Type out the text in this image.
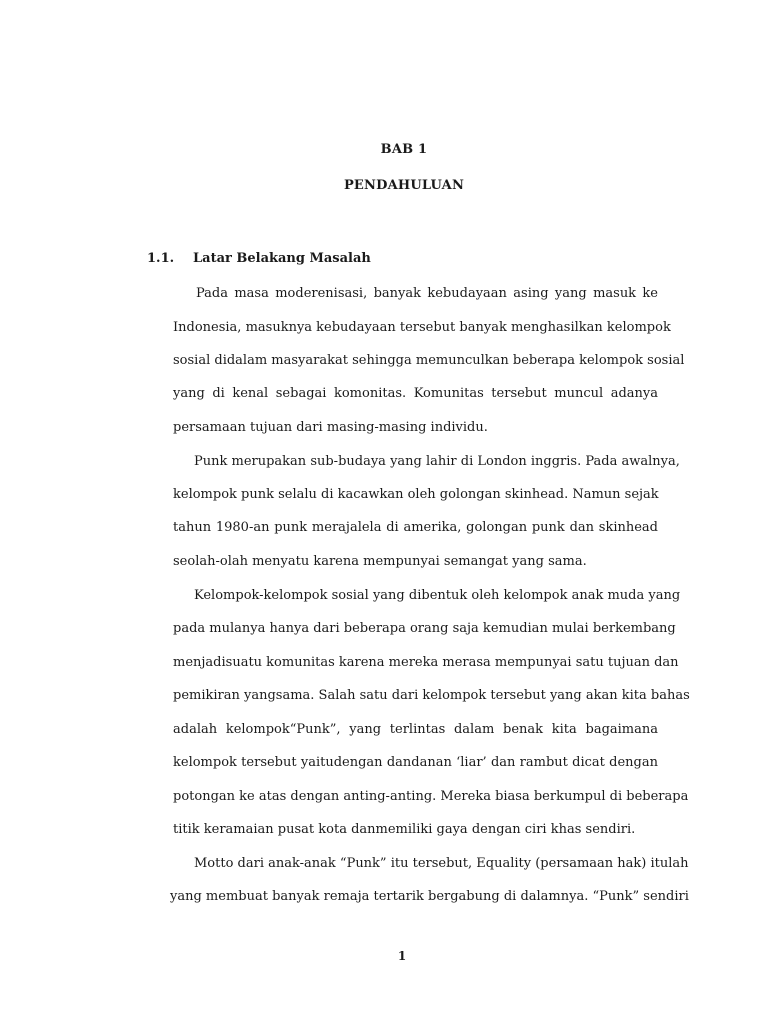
BAB 1
PENDAHULUAN
1.1. Latar Belakang Masalah
Pada masa moderenisasi, banyak kebudayaan asing yang masuk ke
Indonesia, masuknya kebudayaan tersebut banyak menghasilkan kelompok
sosial didalam masyarakat sehingga memunculkan beberapa kelompok sosial
yang di kenal sebagai komonitas. Komunitas tersebut muncul adanya
persamaan tujuan dari masing-masing individu.
Punk merupakan sub-budaya yang lahir di London inggris. Pada awalnya,
kelompok punk selalu di kacawkan oleh golongan skinhead. Namun sejak
tahun 1980-an punk merajalela di amerika, golongan punk dan skinhead
seolah-olah menyatu karena mempunyai semangat yang sama.
Kelompok-kelompok sosial yang dibentuk oleh kelompok anak muda yang
pada mulanya hanya dari beberapa orang saja kemudian mulai berkembang
menjadisuatu komunitas karena mereka merasa mempunyai satu tujuan dan
pemikiran yangsama. Salah satu dari kelompok tersebut yang akan kita bahas
adalah kelompok“Punk”, yang terlintas dalam benak kita bagaimana
kelompok tersebut yaitudengan dandanan ‘liar’ dan rambut dicat dengan
potongan ke atas dengan anting-anting. Mereka biasa berkumpul di beberapa
titik keramaian pusat kota danmemiliki gaya dengan ciri khas sendiri.
Motto dari anak-anak “Punk” itu tersebut, Equality (persamaan hak) itulah
yang membuat banyak remaja tertarik bergabung di dalamnya. “Punk” sendiri
1
